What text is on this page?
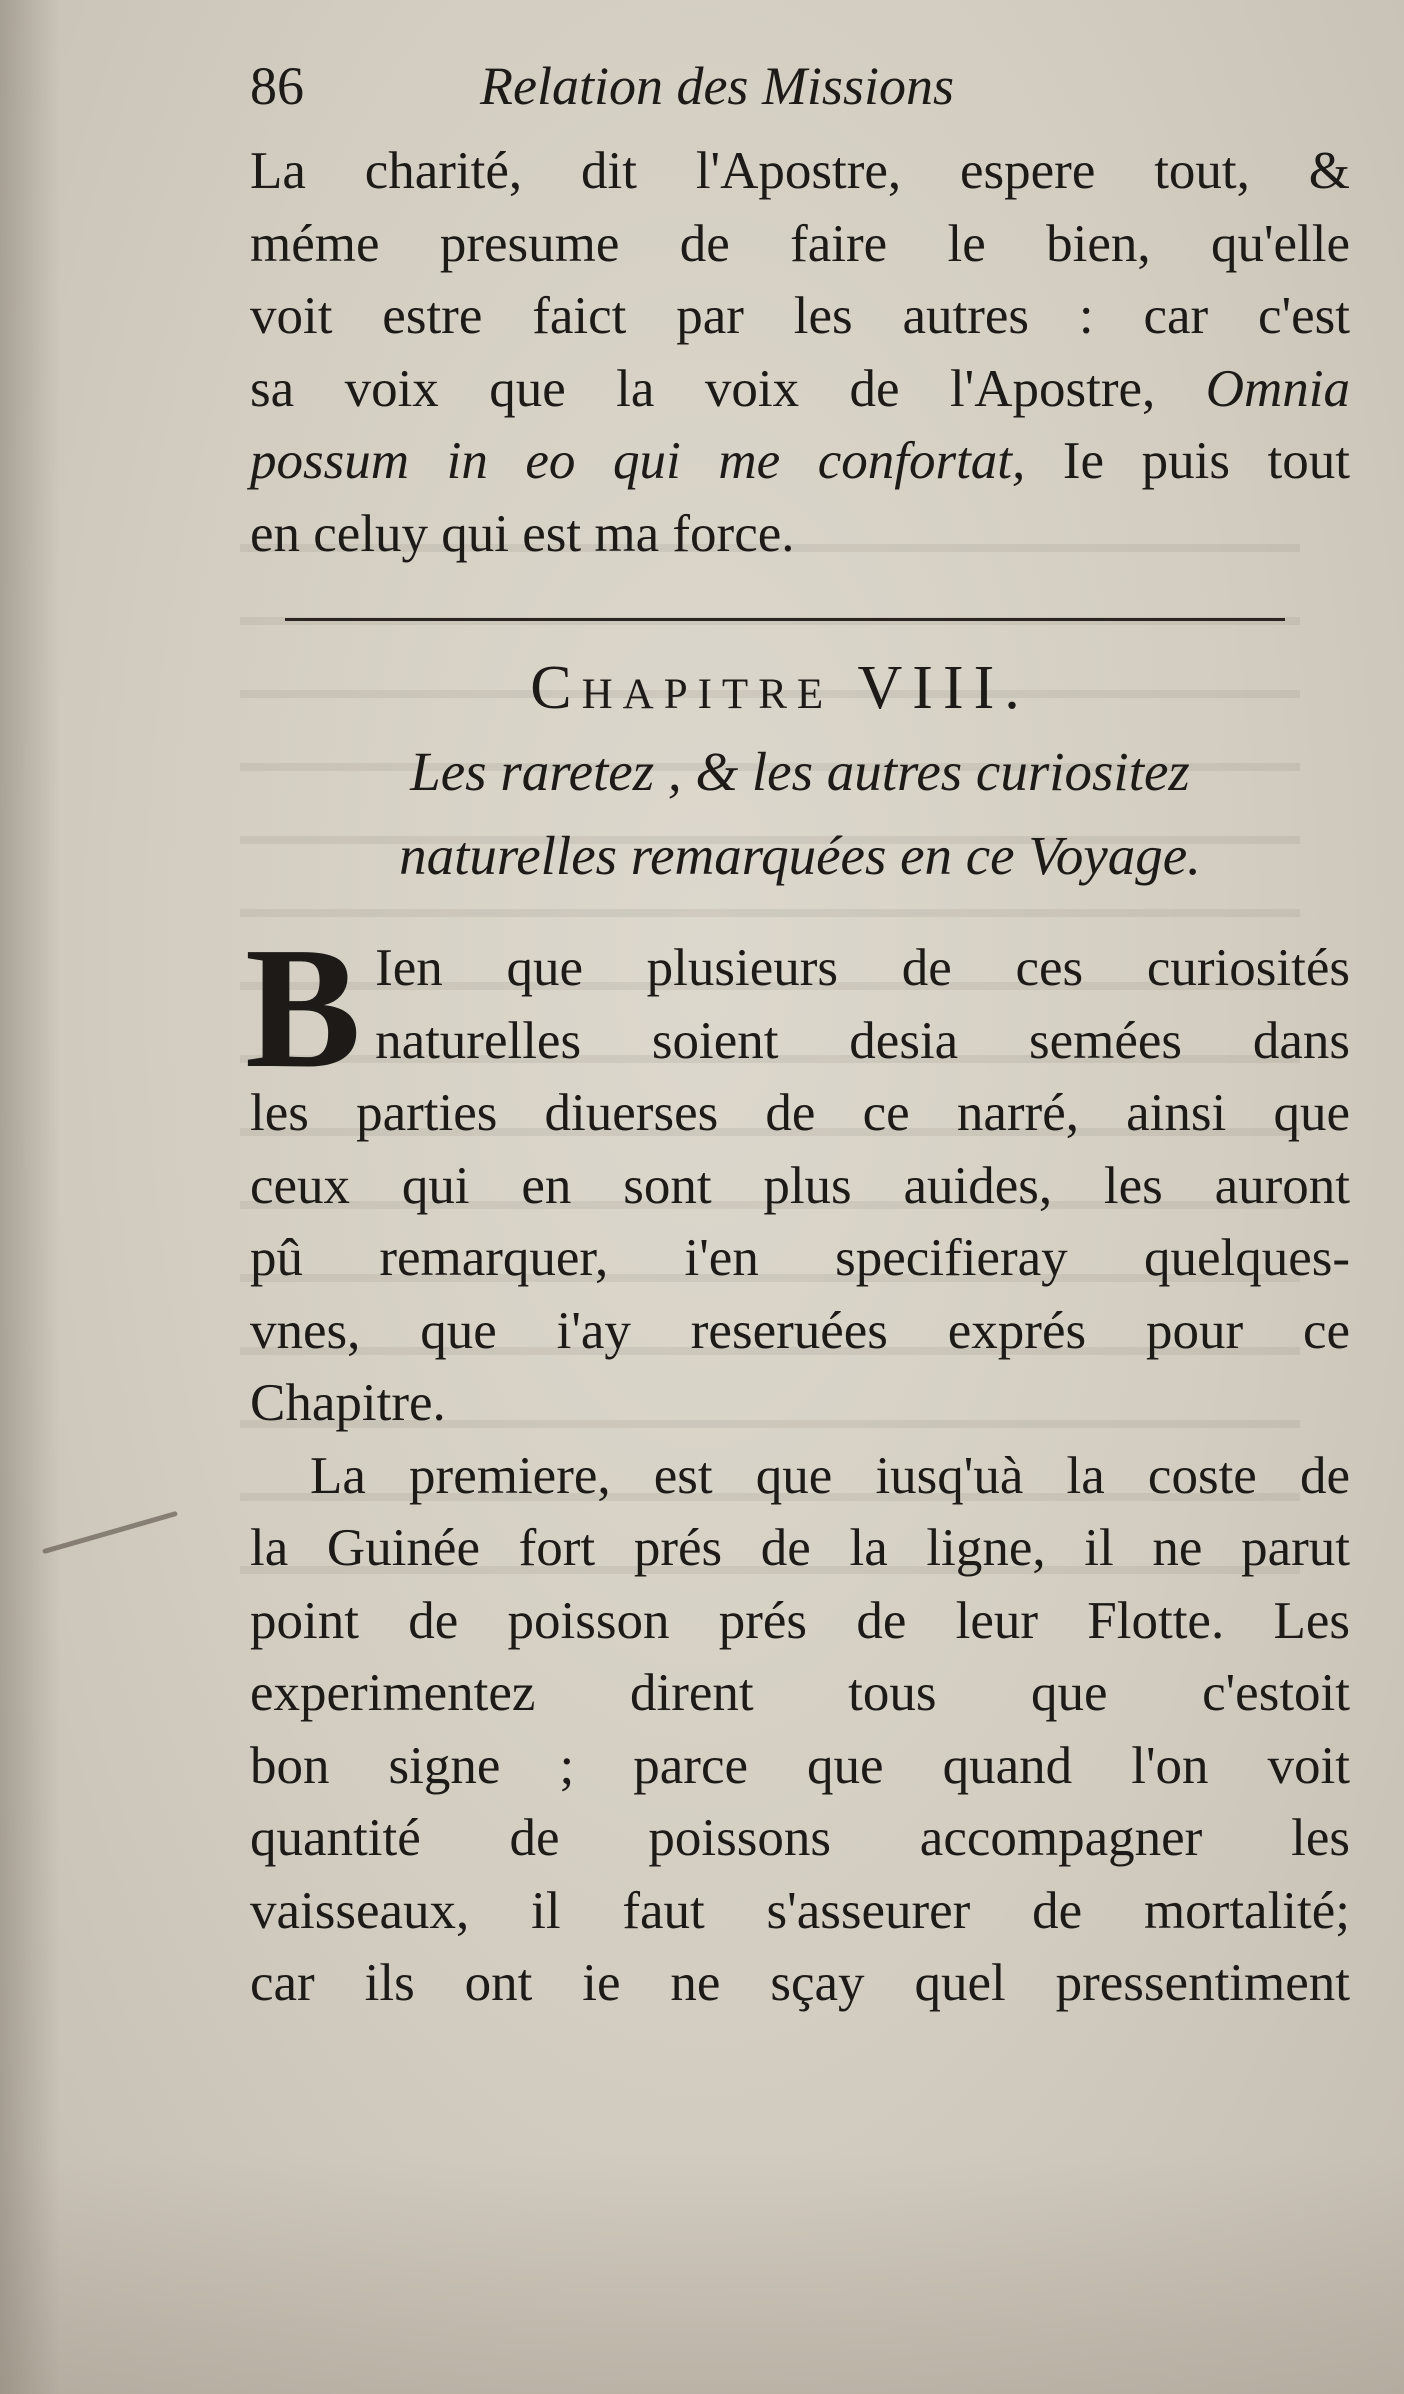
86	Relation des Missions
La charité, dit l'Apostre, espere tout, &
méme presume de faire le bien, qu'elle
voit estre faict par les autres : car c'est
sa voix que la voix de l'Apostre, Omnia
possum in eo qui me confortat, Ie puis tout
en celuy qui est ma force.
Chapitre VIII.
Les raretez , & les autres curiositez
naturelles remarquées en ce Voyage.
B Ien que plusieurs de ces curiosités
naturelles soient desia semées dans
les parties diuerses de ce narré, ainsi que
ceux qui en sont plus auides, les auront
pû remarquer, i'en specifieray quelques-
vnes, que i'ay reseruées exprés pour ce
Chapitre.
La premiere, est que iusq'uà la coste de
la Guinée fort prés de la ligne, il ne parut
point de poisson prés de leur Flotte. Les
experimentez dirent tous que c'estoit
bon signe ; parce que quand l'on voit
quantité de poissons accompagner les
vaisseaux, il faut s'asseurer de mortalité;
car ils ont ie ne sçay quel pressentiment
